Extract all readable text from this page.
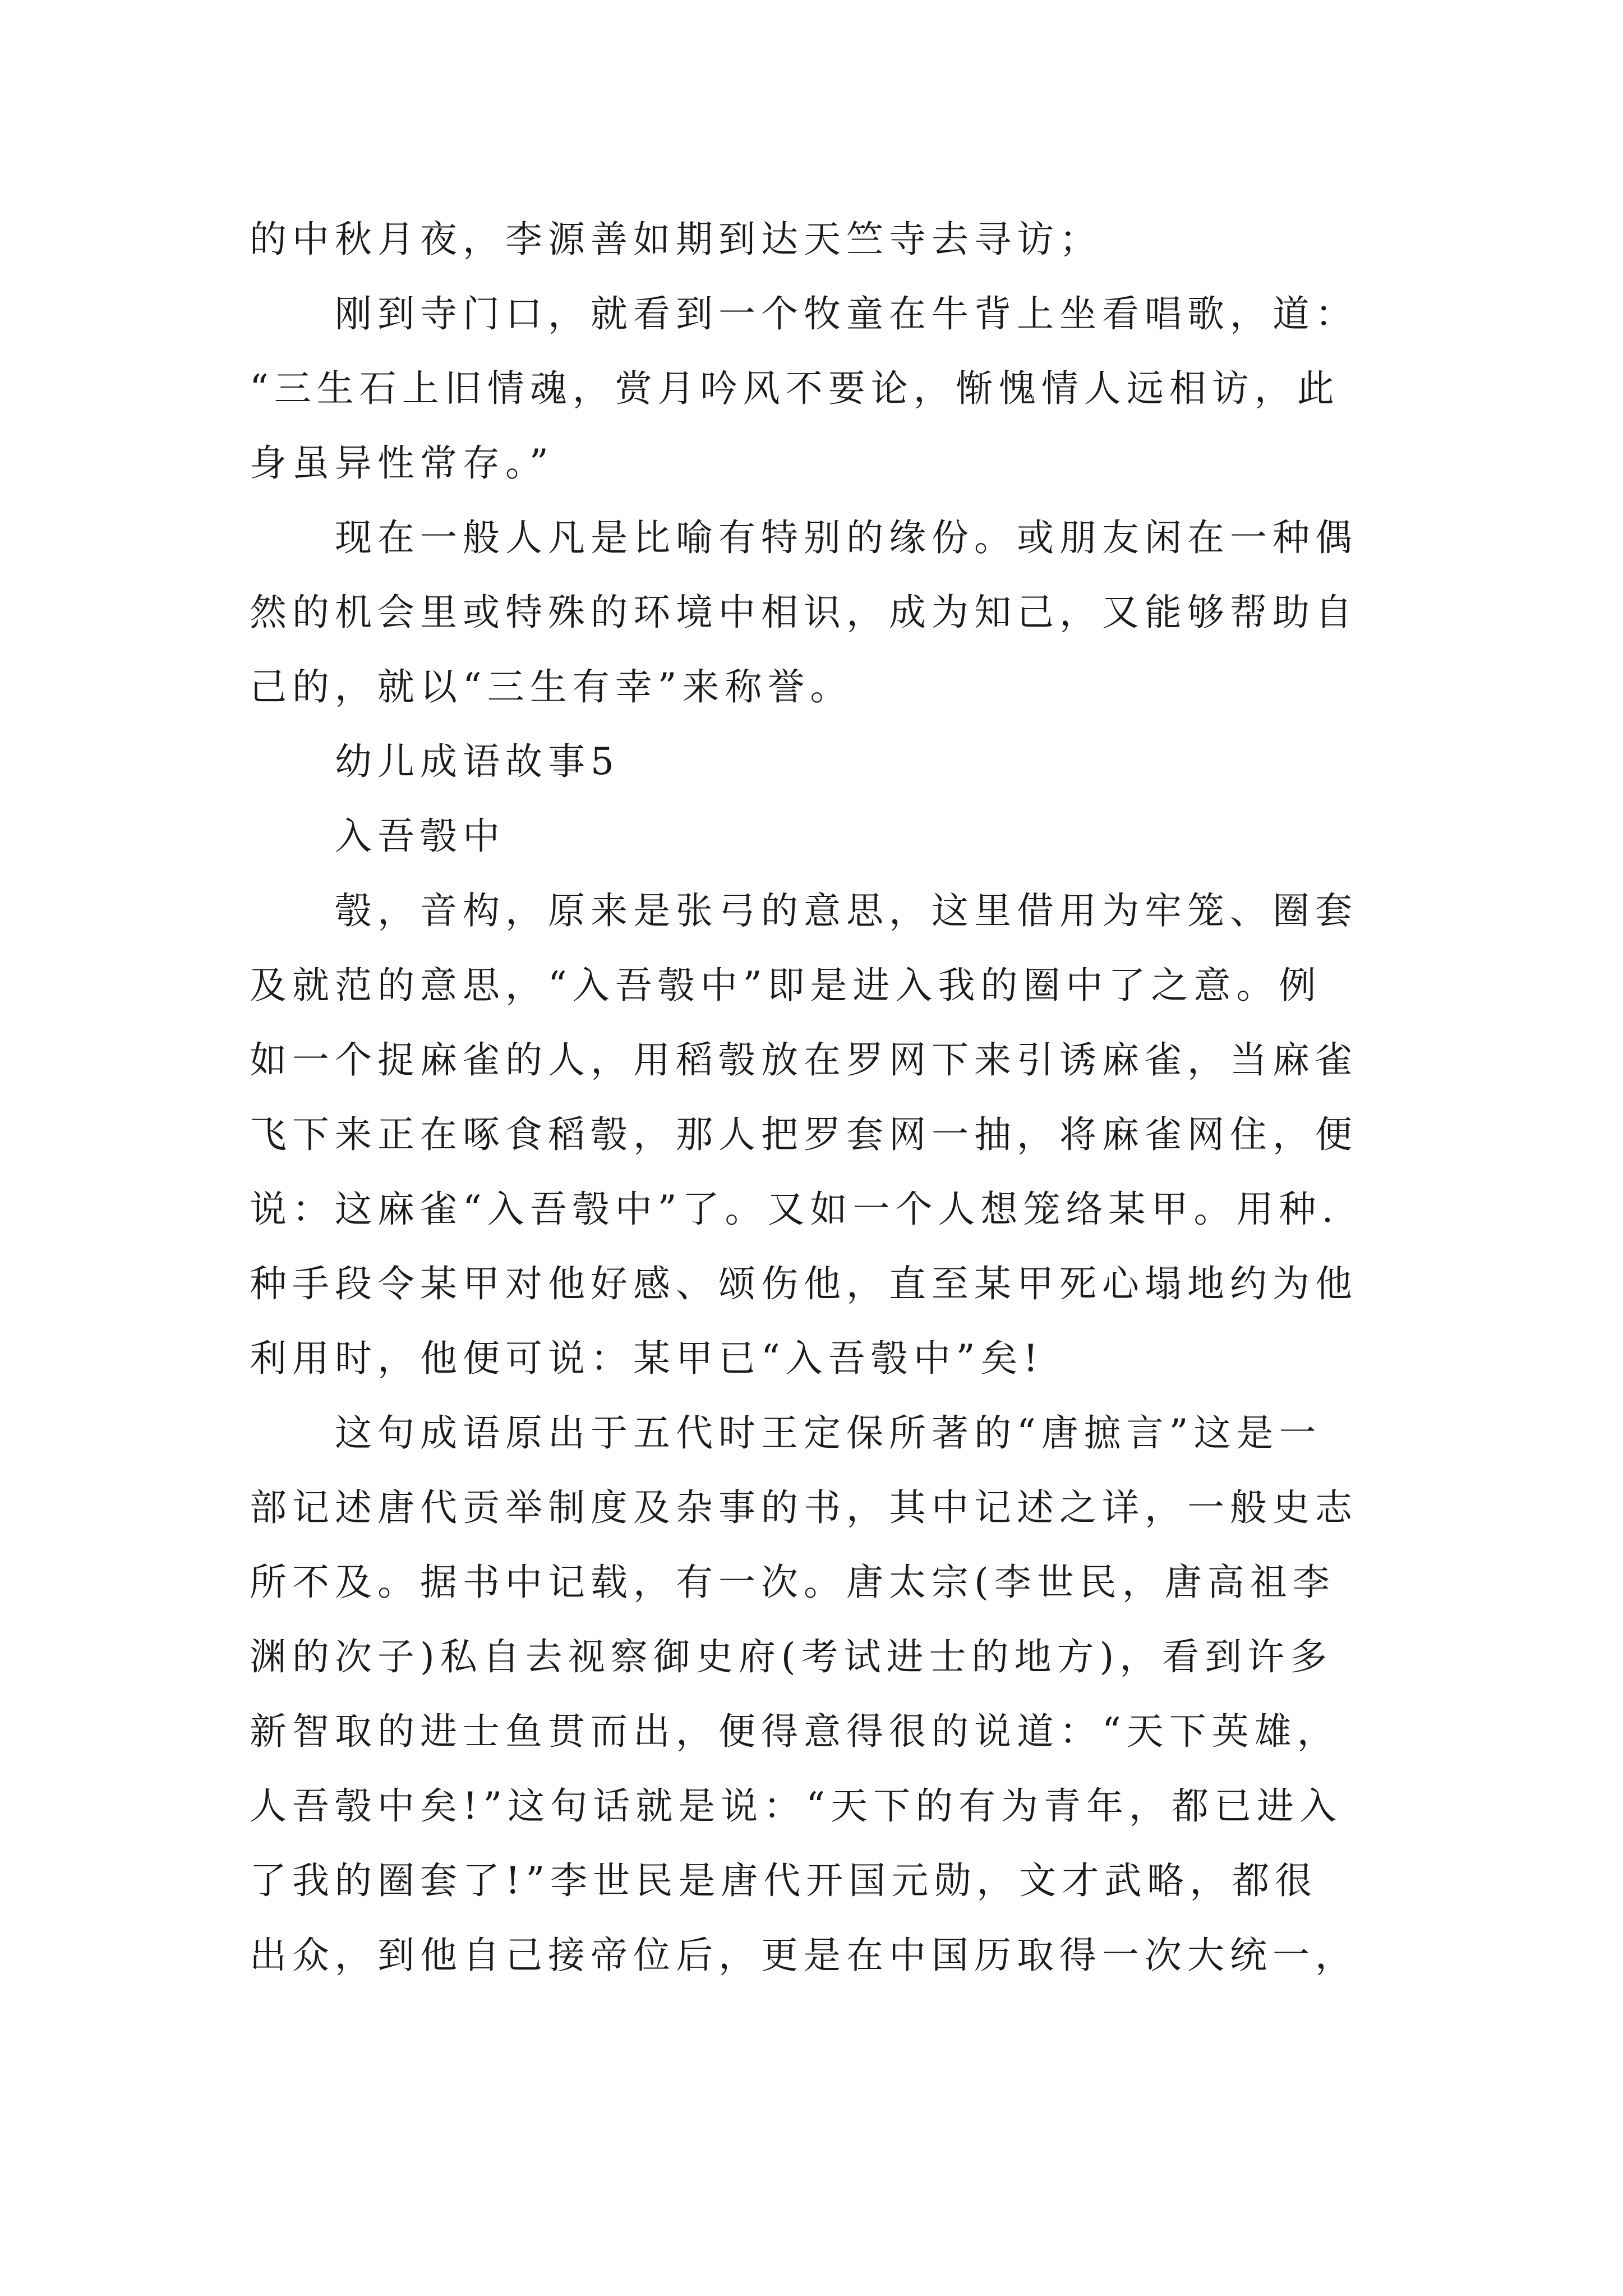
的中秋月夜，李源善如期到达天竺寺去寻访；
刚到寺门口，就看到一个牧童在牛背上坐看唱歌，道：
“三生石上旧情魂，赏月吟风不要论，惭愧情人远相访，此
身虽异性常存。”
现在一般人凡是比喻有特别的缘份。或朋友闲在一种偶
然的机会里或特殊的环境中相识，成为知己，又能够帮助自
己的，就以“三生有幸”来称誉。
幼儿成语故事5
入吾彀中
彀，音构，原来是张弓的意思，这里借用为牢笼、圈套
及就范的意思，“入吾彀中”即是进入我的圈中了之意。例
如一个捉麻雀的人，用稻彀放在罗网下来引诱麻雀，当麻雀
飞下来正在啄食稻彀，那人把罗套网一抽，将麻雀网住，便
说：这麻雀“入吾彀中”了。又如一个人想笼络某甲。用种.
种手段令某甲对他好感、颂伤他，直至某甲死心塌地约为他
利用时，他便可说：某甲已“入吾彀中”矣!
这句成语原出于五代时王定保所著的“唐摭言”这是一
部记述唐代贡举制度及杂事的书，其中记述之详，一般史志
所不及。据书中记载，有一次。唐太宗(李世民，唐高祖李
渊的次子)私自去视察御史府(考试进士的地方)，看到许多
新智取的进士鱼贯而出，便得意得很的说道：“天下英雄，
人吾彀中矣!”这句话就是说：“天下的有为青年，都已进入
了我的圈套了!”李世民是唐代开国元勋，文才武略，都很
出众，到他自己接帝位后，更是在中国历取得一次大统一，
